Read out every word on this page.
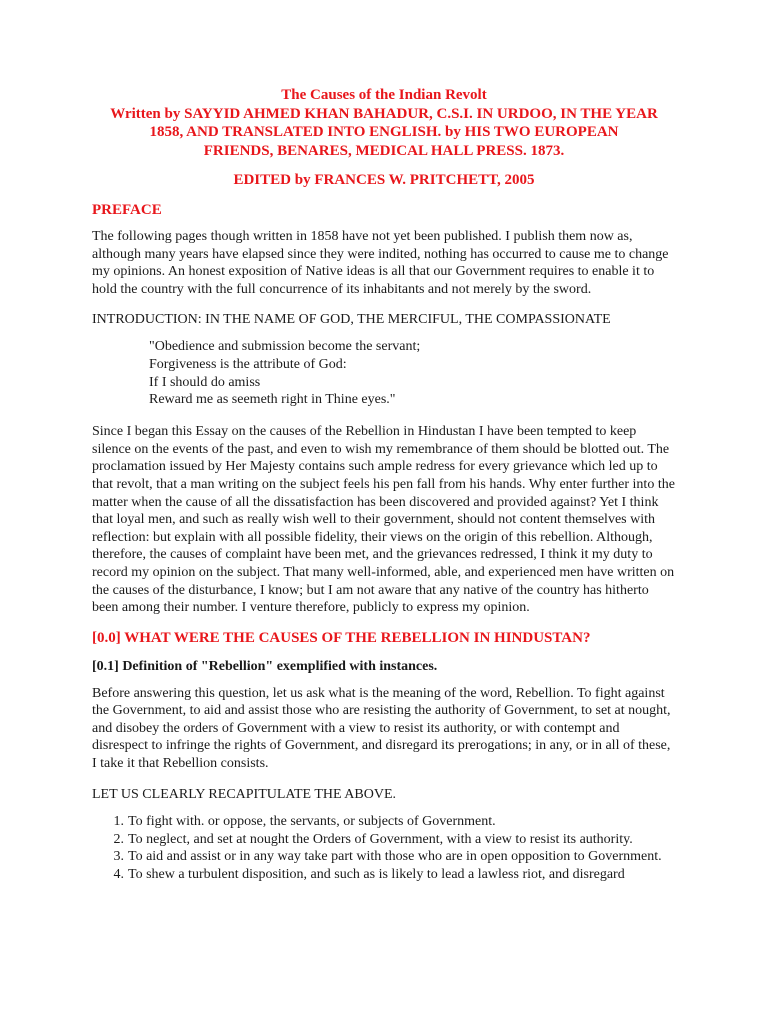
The Causes of the Indian Revolt
Written by SAYYID AHMED KHAN BAHADUR, C.S.I. IN URDOO, IN THE YEAR
1858, AND TRANSLATED INTO ENGLISH. by HIS TWO EUROPEAN
FRIENDS, BENARES, MEDICAL HALL PRESS. 1873.
EDITED by FRANCES W. PRITCHETT, 2005
PREFACE

The following pages though written in 1858 have not yet been published. I publish them now as, although many years have elapsed since they were indited, nothing has occurred to cause me to change my opinions. An honest exposition of Native ideas is all that our Government requires to enable it to hold the country with the full concurrence of its inhabitants and not merely by the sword.

INTRODUCTION: IN THE NAME OF GOD, THE MERCIFUL, THE COMPASSIONATE

"Obedience and submission become the servant;
Forgiveness is the attribute of God:
If I should do amiss
Reward me as seemeth right in Thine eyes."

Since I began this Essay on the causes of the Rebellion in Hindustan I have been tempted to keep silence on the events of the past, and even to wish my remembrance of them should be blotted out. The proclamation issued by Her Majesty contains such ample redress for every grievance which led up to that revolt, that a man writing on the subject feels his pen fall from his hands. Why enter further into the matter when the cause of all the dissatisfaction has been discovered and provided against? Yet I think that loyal men, and such as really wish well to their government, should not content themselves with reflection: but explain with all possible fidelity, their views on the origin of this rebellion. Although, therefore, the causes of complaint have been met, and the grievances redressed, I think it my duty to record my opinion on the subject. That many well-informed, able, and experienced men have written on the causes of the disturbance, I know; but I am not aware that any native of the country has hitherto been among their number. I venture therefore, publicly to express my opinion.

[0.0] WHAT WERE THE CAUSES OF THE REBELLION IN HINDUSTAN?
[0.1] Definition of "Rebellion" exemplified with instances.

Before answering this question, let us ask what is the meaning of the word, Rebellion. To fight against the Government, to aid and assist those who are resisting the authority of Government, to set at nought, and disobey the orders of Government with a view to resist its authority, or with contempt and disrespect to infringe the rights of Government, and disregard its prerogations; in any, or in all of these, I take it that Rebellion consists.

LET US CLEARLY RECAPITULATE THE ABOVE.

1. To fight with. or oppose, the servants, or subjects of Government.
2. To neglect, and set at nought the Orders of Government, with a view to resist its authority.
3. To aid and assist or in any way take part with those who are in open opposition to Government.
4. To shew a turbulent disposition, and such as is likely to lead a lawless riot, and disregard
